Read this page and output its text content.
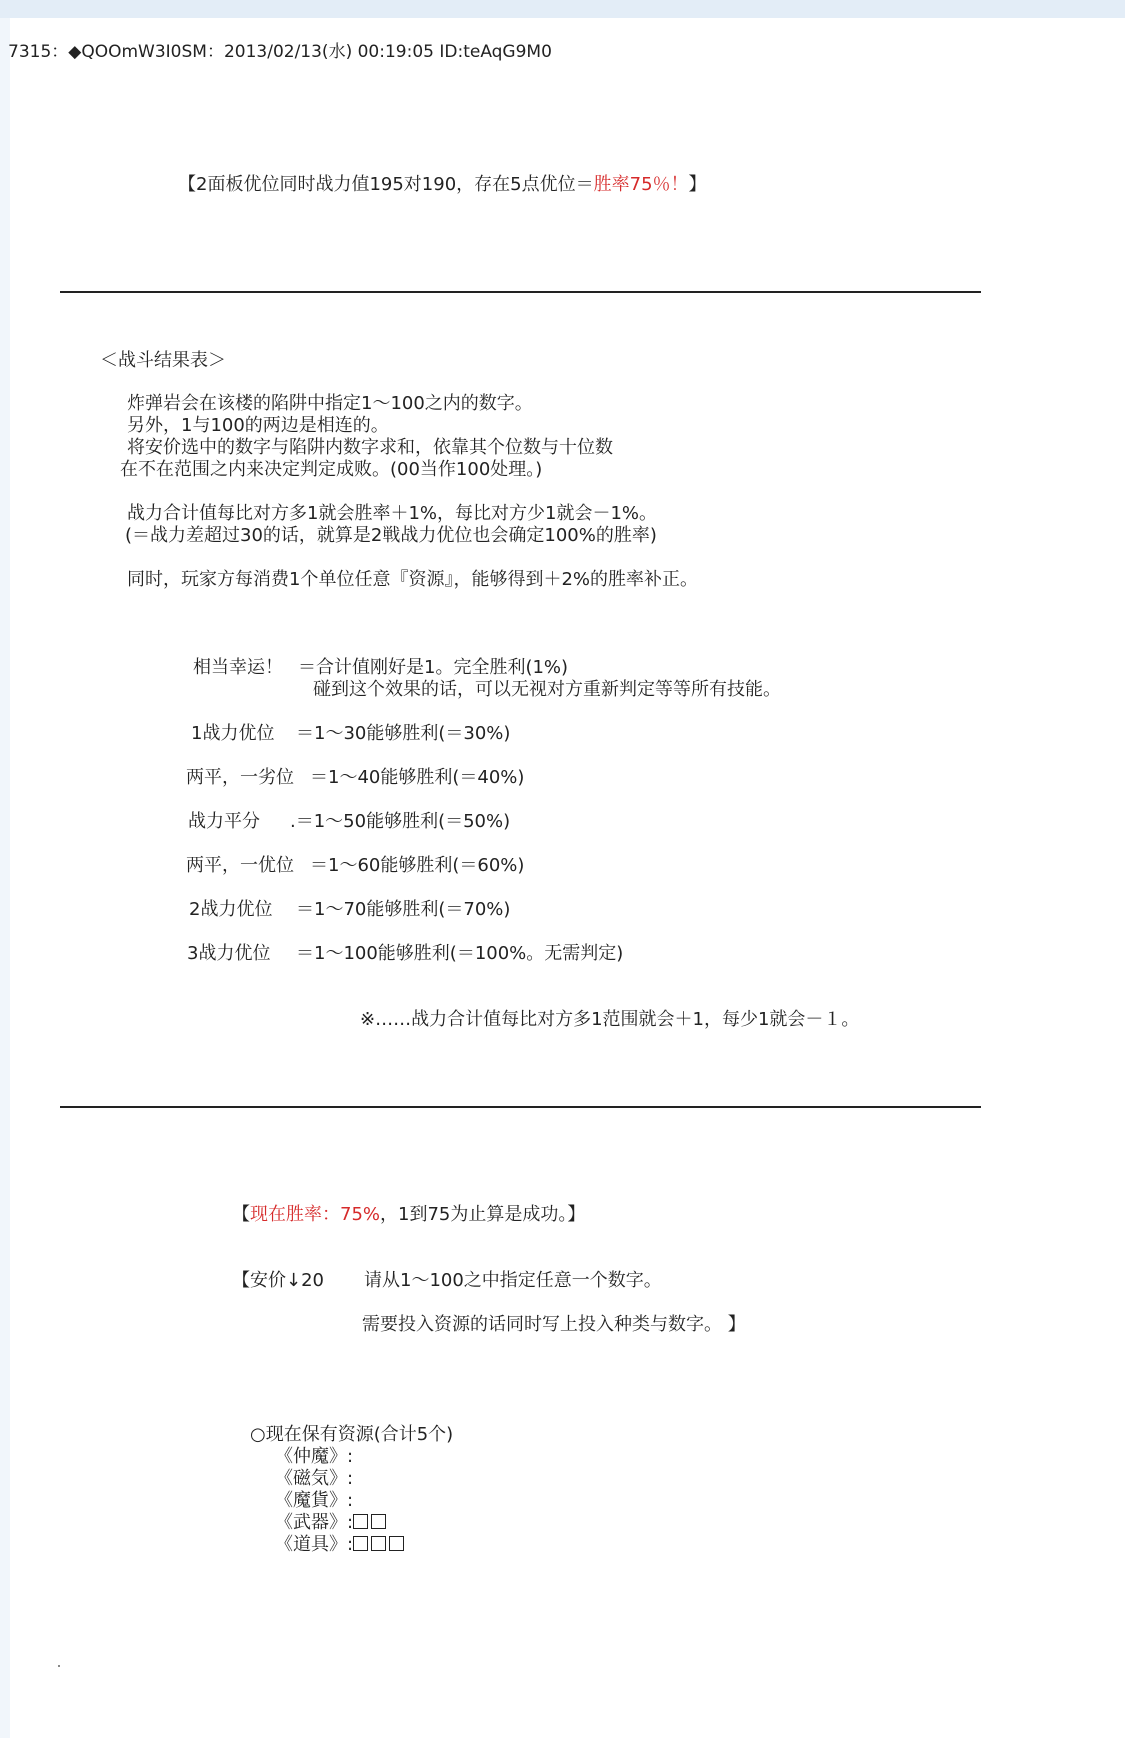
7315：◆QOOmW3I0SM：2013/02/13(水) 00:19:05 ID:teAqG9M0
【2面板优位同时战力值195对190，存在5点优位＝胜率75％！】
＜战斗结果表＞
炸弹岩会在该楼的陷阱中指定1～100之内的数字。
另外，1与100的两边是相连的。
将安价选中的数字与陷阱内数字求和，依靠其个位数与十位数
在不在范围之内来决定判定成败。(00当作100处理。)
战力合计值每比对方多1就会胜率＋1%，每比对方少1就会－1%。
(＝战力差超过30的话，就算是2戦战力优位也会确定100%的胜率)
同时，玩家方每消费1个单位任意『资源』，能够得到＋2%的胜率补正。
相当幸运！ ＝合计值刚好是1。完全胜利(1%)
碰到这个效果的话，可以无视对方重新判定等等所有技能。
1战力优位 ＝1～30能够胜利(＝30%)
两平，一劣位 ＝1～40能够胜利(＝40%)
战力平分 .＝1～50能够胜利(＝50%)
两平，一优位 ＝1～60能够胜利(＝60%)
2战力优位 ＝1～70能够胜利(＝70%)
3战力优位 ＝1～100能够胜利(＝100%。无需判定)
※……战力合计值每比对方多1范围就会＋1，每少1就会－１。
【现在胜率：75%，1到75为止算是成功。】
【安价↓20 请从1～100之中指定任意一个数字。
需要投入资源的话同时写上投入种类与数字。 】
○现在保有资源(合计5个)
《仲魔》:
《磁気》:
《魔貨》:
《武器》:
《道具》:
